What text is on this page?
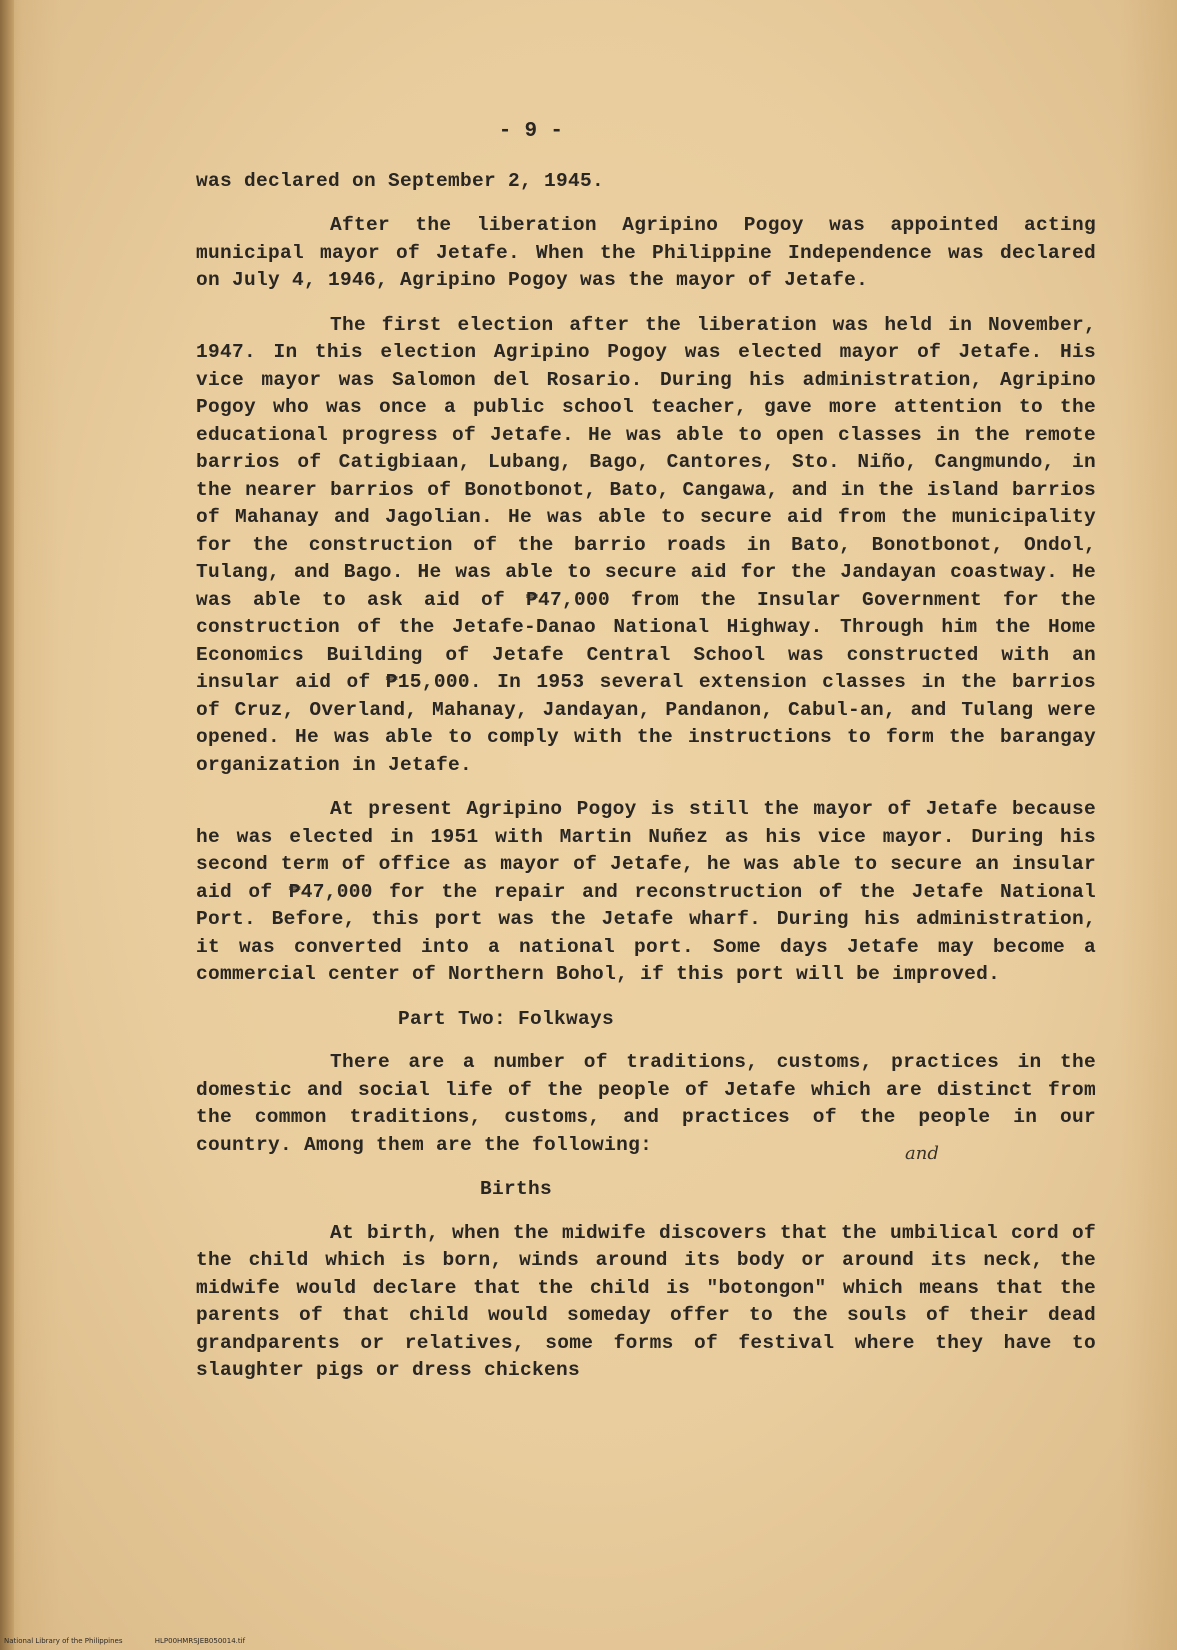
- 9 -

was declared on September 2, 1945.

After the liberation Agripino Pogoy was appointed acting municipal mayor of Jetafe. When the Philippine Independence was declared on July 4, 1946, Agripino Pogoy was the mayor of Jetafe.

The first election after the liberation was held in November, 1947. In this election Agripino Pogoy was elected mayor of Jetafe. His vice mayor was Salomon del Rosario. During his administration, Agripino Pogoy who was once a public school teacher, gave more attention to the educational progress of Jetafe. He was able to open classes in the remote barrios of Catigbiaan, Lubang, Bago, Cantores, Sto. Niño, Cangmundo, in the nearer barrios of Bonotbonot, Bato, Cangawa, and in the island barrios of Mahanay and Jagolian. He was able to secure aid from the municipality for the construction of the barrio roads in Bato, Bonotbonot, Ondol, Tulang, and Bago. He was able to secure aid for the Jandayan coastway. He was able to ask aid of ₱47,000 from the Insular Government for the construction of the Jetafe-Danao National Highway. Through him the Home Economics Building of Jetafe Central School was constructed with an insular aid of ₱15,000. In 1953 several extension classes in the barrios of Cruz, Overland, Mahanay, Jandayan, Pandanon, Cabul-an, and Tulang were opened. He was able to comply with the instructions to form the barangay organization in Jetafe.

At present Agripino Pogoy is still the mayor of Jetafe because he was elected in 1951 with Martin Nuñez as his vice mayor. During his second term of office as mayor of Jetafe, he was able to secure an insular aid of ₱47,000 for the repair and reconstruction of the Jetafe National Port. Before, this port was the Jetafe wharf. During his administration, it was converted into a national port. Some days Jetafe may become a commercial center of Northern Bohol, if this port will be improved.

Part Two: Folkways

There are a number of traditions, customs, practices in the domestic and social life of the people of Jetafe which are distinct from the common traditions, customs, and practices of the people in our country. Among them are the following:

Births

At birth, when the midwife discovers that the umbilical cord of the child which is born, winds around its body or around its neck, the midwife would declare that the child is "botongon" which means that the parents of that child would someday offer to the souls of their dead grandparents or relatives, some forms of festival where they have to slaughter pigs or dress chickens

and
National Library of the Philippines	HLP00HMRSJEB050014.tif
